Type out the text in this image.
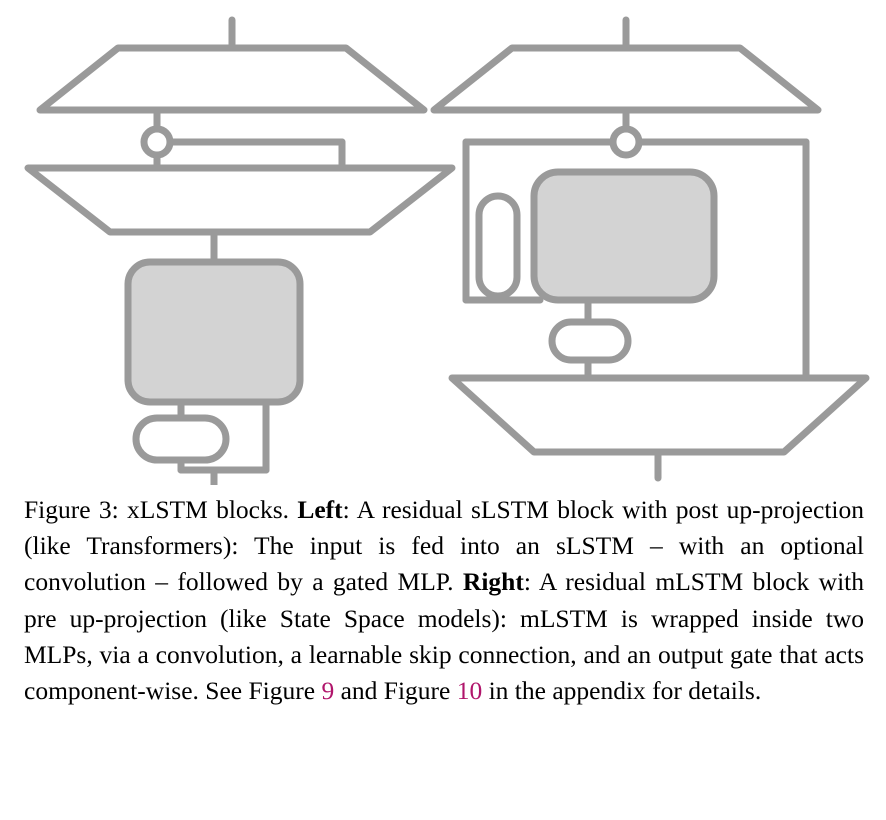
Figure 3: xLSTM blocks. Left: A residual sLSTM block with post up-projection (like Transformers): The input is fed into an sLSTM – with an optional convolution – followed by a gated MLP. Right: A residual mLSTM block with pre up-projection (like State Space models): mLSTM is wrapped inside two MLPs, via a convolution, a learnable skip connection, and an output gate that acts component-wise. See Figure 9 and Figure 10 in the appendix for details.
